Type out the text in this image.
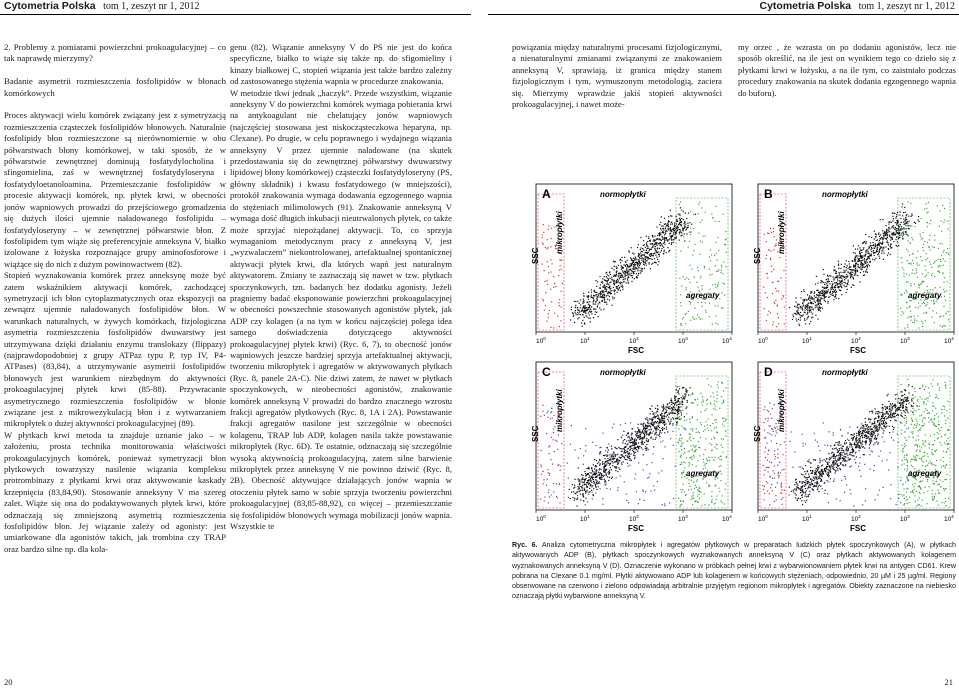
Cytometria Polska tom 1, zeszyt nr 1, 2012	Cytometria Polska tom 1, zeszyt nr 1, 2012
2. Problemy z pomiarami powierzchni prokoagulacyjnej – co tak naprawdę mierzymy?

Badanie asymetrii rozmieszczenia fosfolipidów w błonach komórkowych

Proces aktywacji wielu komórek związany jest z symetryzacją rozmieszczenia cząsteczek fosfolipidów błonowych. Naturalnie fosfolipidy błon rozmieszczone są nierównomiernie w obu półwarstwach błony komórkowej, w taki sposób, że w półwarstwie zewnętrznej dominują fosfatydylocholina i sfingomielina, zaś w wewnętrznej fosfatydyloseryna i fosfatydyloetanoloamina. Przemieszczanie fosfolipidów w procesie aktywacji komórek, np. płytek krwi, w obecności jonów wapniowych prowadzi do przejściowego gromadzenia się dużych ilości ujemnie naładowanego fosfolipidu – fosfatydyloseryny – w zewnętrznej półwarstwie błon. Z fosfolipidem tym wiąże się preferencyjnie anneksyna V, białko izolowane z łożyska rozpoznające grupy aminofosforowe i wiążące się do nich z dużym powinowactwem (82).

Stopień wyznakowania komórek przez anneksynę może być zatem wskaźnikiem aktywacji komórek, zachodzącej symetryzacji ich błon cytoplazmatycznych oraz ekspozycji na zewnątrz ujemnie naładowanych fosfolipidów błon. W warunkach naturalnych, w żywych komórkach, fizjologiczna asymetria rozmieszczenia fosfolipidów dwuwarstwy jest utrzymywana dzięki działaniu enzymu translokazy (flippazy) (najprawdopodobniej z grupy ATPaz typu P, typ IV, P4-ATPases) (83,84), a utrzymywanie asymetrii fosfolipidów błonowych jest warunkiem niezbędnym do aktywności prokoagulacyjnej płytek krwi (85-88). Przywracanie asymetrycznego rozmieszczenia fosfolipidów w błonie związane jest z mikrowezykulacją błon i z wytwarzaniem mikropłytek o dużej aktywności prokoagulacyjnej (89).

W płytkach krwi metoda ta znajduje uznanie jako – w założeniu, prosta technika monitorowania właściwości prokoagulacyjnych komórek, ponieważ symetryzacji błon płytkowych towarzyszy nasilenie wiązania kompleksu protrombinazy z płytkami krwi oraz aktywowanie kaskady krzepnięcia (83,84,90). Stosowanie anneksyny V ma szereg zalet. Wiąże się ona do podaktywowanych płytek krwi, które odznaczają się zmniejszoną asymetrią rozmieszczenia fosfolipidów błon. Jej wiązanie zależy od agonisty: jest umiarkowane dla agonistów takich, jak trombina czy TRAP oraz bardzo silne np. dla kola-

genu (82). Wiązanie anneksyny V do PS nie jest do końca specyficzne, białko to wiąże się także np. do sfigomieliny i kinazy białkowej C, stopień wiązania jest także bardzo zależny od zastosowanego stężenia wapnia w procedurze znakowania.

W metodzie tkwi jednak „haczyk”. Przede wszystkim, wiązanie anneksyny V do powierzchni komórek wymaga pobierania krwi na antykoagulant nie chelatujący jonów wapniowych (najczęściej stosowana jest niskocząsteczkowa heparyna, np. Clexane). Po drugie, w celu poprawnego i wydajnego wiązania anneksyny V przez ujemnie naładowane (na skutek przedostawania się do zewnętrznej półwarstwy dwuwarstwy lipidowej błony komórkowej) cząsteczki fosfatydyloseryny (PS, główny składnik) i kwasu fosfatydowego (w mniejszości), protokół znakowania wymaga dodawania egzogennego wapnia do stężeniach milimolowych (91). Znakowanie anneksyną V wymaga dość długich inkubacji nieutrwalonych płytek, co także może sprzyjać niepożądanej aktywacji. To, co sprzyja wymaganiom metodycznym pracy z anneksyną V, jest „wyzwalaczem” niekontrolowanej, artefaktualnej spontanicznej aktywacji płytek krwi, dla których wapń jest naturalnym aktywatorem. Zmiany te zaznaczają się nawet w tzw. płytkach spoczynkowych, tzn. badanych bez dodatku agonisty. Jeżeli pragniemy badać eksponowanie powierzchni prokoagulacyjnej w obecności powszechnie stosowanych agonistów płytek, jak ADP czy kolagen (a na tym w końcu najczęściej polega idea samego doświadczenia dotyczącego aktywności prokoagulacyjnej płytek krwi) (Ryc. 6, 7), to obecność jonów wapniowych jeszcze bardziej sprzyja artefaktualnej aktywacji, tworzeniu mikropłytek i agregatów w aktywowanych płytkach (Ryc. 8, panele 2A-C). Nie dziwi zatem, że nawet w płytkach spoczynkowych, w nieobecności agonistów, znakowanie komórek anneksyną V prowadzi do bardzo znacznego wzrostu frakcji agregatów płytkowych (Ryc. 8, 1A i 2A). Powstawanie frakcji agregatów nasilone jest szczególnie w obecności kolagenu, TRAP lub ADP, kolagen nasila także powstawanie mikropłytek (Ryc. 6D). Te ostatnie, odznaczają się szczególnie wysoką aktywnością prokoagulacyjną, zatem silne barwienie mikropłytek przez anneksynę V nie powinno dziwić (Ryc. 8, 2B). Obecność aktywujące działających jonów wapnia w otoczeniu płytek samo w sobie sprzyja tworzeniu powierzchni prokoagulacyjnej (83,85-88,92), co więcej – przemieszczanie się fosfolipidów błonowych wymaga mobilizacji jonów wapnia. Wszystkie te

powiązania między naturalnymi procesami fizjologicznymi, a nienaturalnymi zmianami związanymi ze znakowaniem anneksyną V, sprawiają, iż granica między stanem fizjologicznym i tym, wymuszonym metodologią, zaciera się. Mierzymy wprawdzie jakiś stopień aktywności prokoagulacyjnej, i nawet może-

my orzec , że wzrasta on po dodaniu agonistów, lecz nie sposób określić, na ile jest on wynikiem tego co dzieło się z płytkami krwi w łożysku, a na ile tym, co zaistniało podczas procedury znakowania na skutek dodania egzogennego wapnia do buforu).

A	normopłytki
mikropłytki
agregaty
SSC
$10^0$	$10^1$	$10^2$	$10^3$	$10^4$
FSC
B	normopłytki
mikropłytki
agregaty
SSC
$10^0$	$10^1$	$10^2$	$10^3$	$10^4$
FSC
C	normopłytki
mikropłytki
agregaty
SSC
$10^0$	$10^1$	$10^2$	$10^3$	$10^4$
FSC
D	normopłytki
mikropłytki
agregaty
SSC
$10^0$	$10^1$	$10^2$	$10^3$	$10^4$
FSC
Ryc. 6. Analiza cytometryczna mikropłytek i agregatów płytkowych w preparatach ludzkich płytek spoczynkowych (A), w płytkach aktywowanych ADP (B), płytkach spoczynkowych wyznakowanych anneksyną V (C) oraz płytkach aktywowanych kolagenem wyznakowanych anneksyną V (D). Oznaczenie wykonano w próbkach pełnej krwi z wybarwionowaniem płytek krwi na antygen CD61. Krew pobrana na Clexane 0.1 mg/ml. Płytki aktywowano ADP lub kolagenem w końcowych stężeniach, odpowiednio, 20 µM i 25 µg/ml. Regiony obserwowane na czerwono i zielono odpowiadają arbitralnie przyjętym regionom mikropłytek i agregatów. Obiekty zaznaczone na niebiesko oznaczają płytki wybarwione anneksyną V.
20	21
